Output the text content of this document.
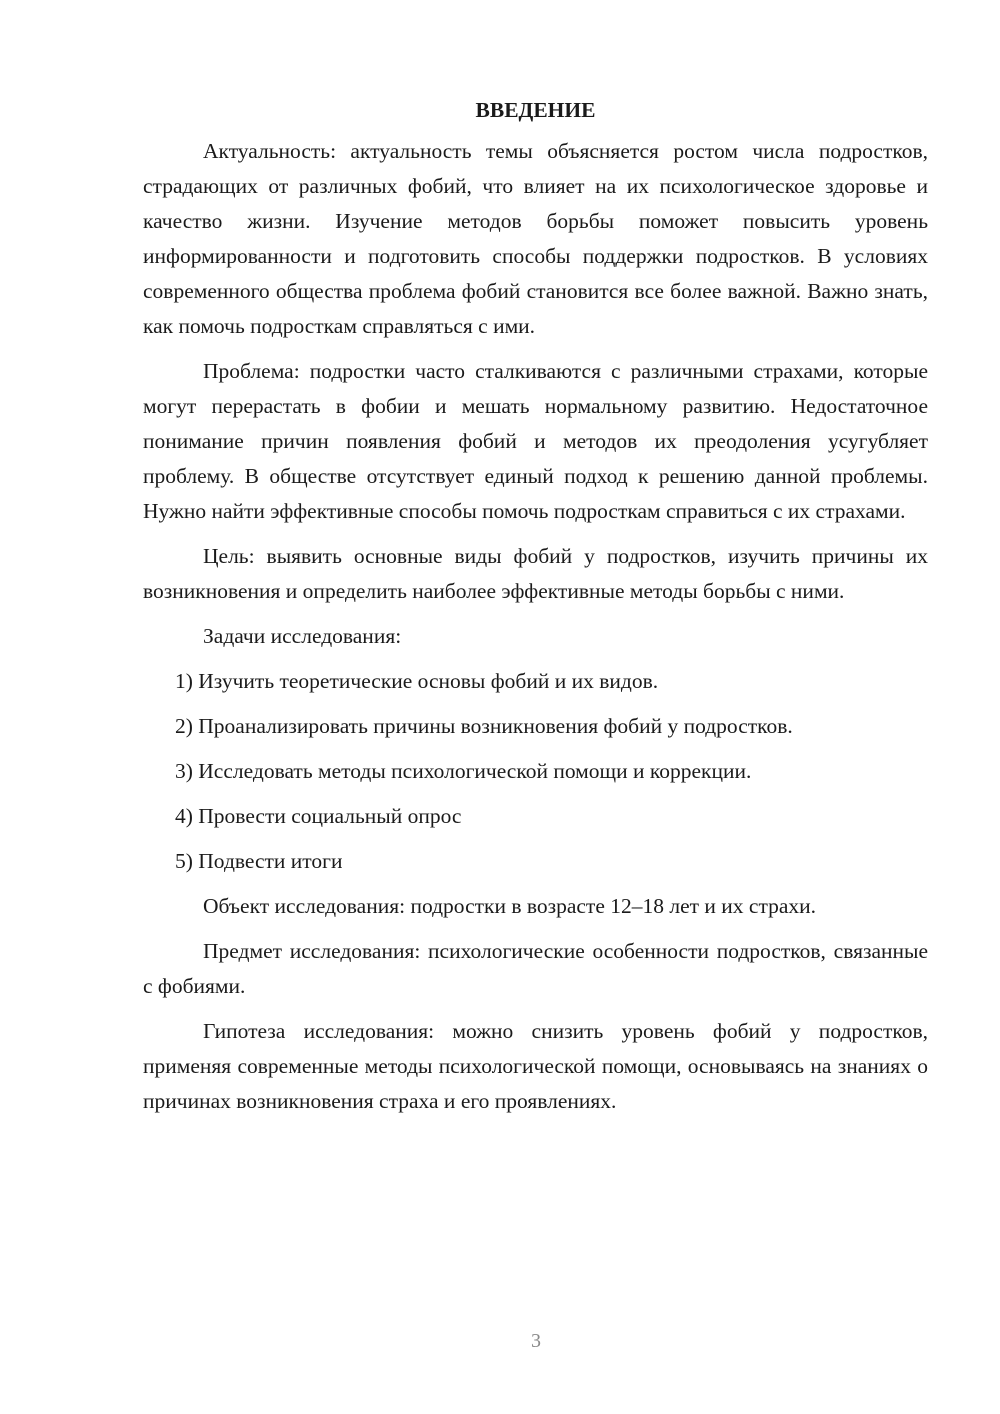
ВВЕДЕНИЕ

Актуальность: актуальность темы объясняется ростом числа подростков, страдающих от различных фобий, что влияет на их психологическое здоровье и качество жизни. Изучение методов борьбы поможет повысить уровень информированности и подготовить способы поддержки подростков. В условиях современного общества проблема фобий становится все более важной. Важно знать, как помочь подросткам справляться с ими.

Проблема: подростки часто сталкиваются с различными страхами, которые могут перерастать в фобии и мешать нормальному развитию. Недостаточное понимание причин появления фобий и методов их преодоления усугубляет проблему. В обществе отсутствует единый подход к решению данной проблемы. Нужно найти эффективные способы помочь подросткам справиться с их страхами.

Цель: выявить основные виды фобий у подростков, изучить причины их возникновения и определить наиболее эффективные методы борьбы с ними.

Задачи исследования:
1) Изучить теоретические основы фобий и их видов.
2) Проанализировать причины возникновения фобий у подростков.
3) Исследовать методы психологической помощи и коррекции.
4) Провести социальный опрос
5) Подвести итоги

Объект исследования: подростки в возрасте 12–18 лет и их страхи.

Предмет исследования: психологические особенности подростков, связанные с фобиями.

Гипотеза исследования: можно снизить уровень фобий у подростков, применяя современные методы психологической помощи, основываясь на знаниях о причинах возникновения страха и его проявлениях.

3
